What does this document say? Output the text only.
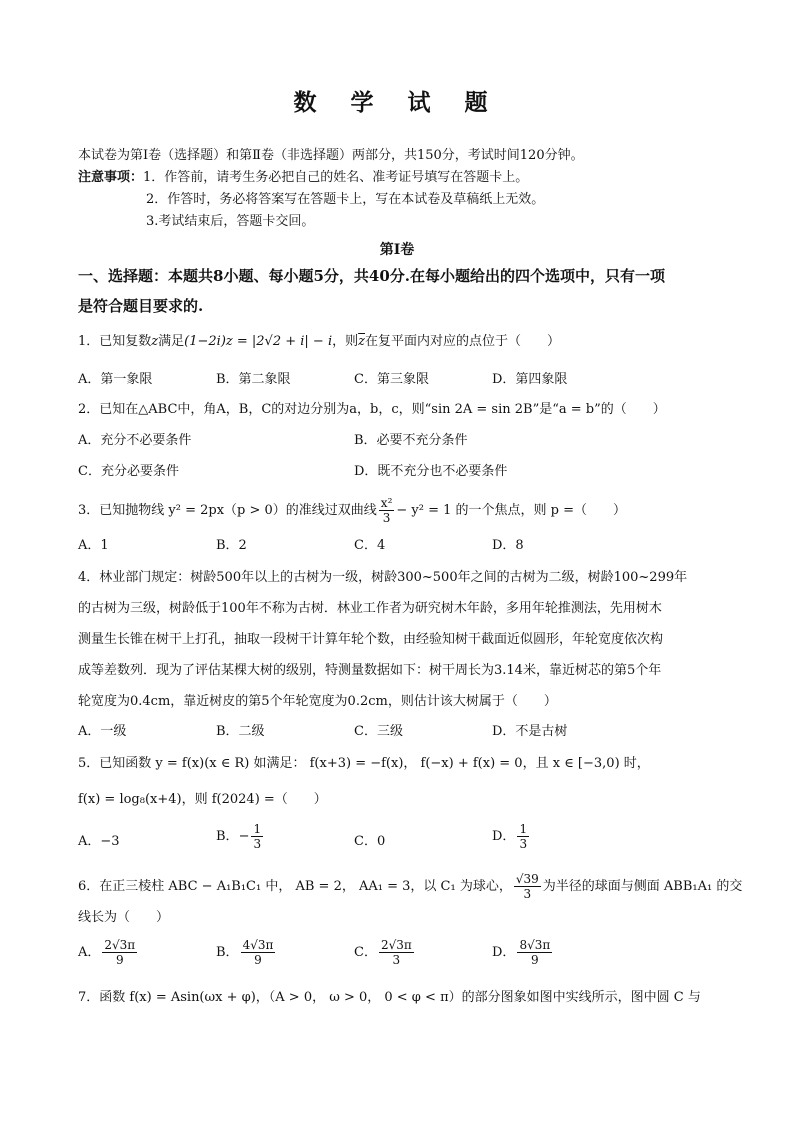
数 学 试 题
本试卷为第Ⅰ卷（选择题）和第Ⅱ卷（非选择题）两部分，共150分，考试时间120分钟。
注意事项：1．作答前，请考生务必把自己的姓名、准考证号填写在答题卡上。
2．作答时，务必将答案写在答题卡上，写在本试卷及草稿纸上无效。
3.考试结束后，答题卡交回。
第Ⅰ卷
一、选择题：本题共8小题、每小题5分，共40分.在每小题给出的四个选项中，只有一项
是符合题目要求的.
1．已知复数z满足(1−2i)z = |2√2 + i| − i，则$\overline{z}$在复平面内对应的点位于（　　）
A．第一象限	B．第二象限	C．第三象限	D．第四象限
2．已知在△ABC中，角A，B，C的对边分别为a，b，c，则“sin 2A = sin 2B”是“a = b”的（　　）
A．充分不必要条件	B．必要不充分条件
C．充分必要条件	D．既不充分也不必要条件
3．已知抛物线 y² = 2px（p > 0）的准线过双曲线 $\frac{\text{x²}}{3} - y^2 = 1$ 的一个焦点，则 p =（　　）
A．1	B．2	C．4	D．8
4．林业部门规定：树龄500年以上的古树为一级，树龄300~500年之间的古树为二级，树龄100~299年
的古树为三级，树龄低于100年不称为古树．林业工作者为研究树木年龄，多用年轮推测法，先用树木
测量生长锥在树干上打孔，抽取一段树干计算年轮个数，由经验知树干截面近似圆形，年轮宽度依次构
成等差数列．现为了评估某棵大树的级别，特测量数据如下：树干周长为3.14米，靠近树芯的第5个年
轮宽度为0.4cm，靠近树皮的第5个年轮宽度为0.2cm，则估计该大树属于（　　）
A．一级	B．二级	C．三级	D．不是古树
5．已知函数 y = f(x)(x ∈ R) 如满足： f(x+3) = −f(x)， f(−x) + f(x) = 0，且 x ∈ [−3,0) 时，
f(x) = log₈(x+4)，则 f(2024) =（　　）
A．−3	B．− $\frac{1}{3}$	C．0	D． $\frac{1}{3}$
6．在正三棱柱 ABC − A₁B₁C₁ 中， AB = 2， AA₁ = 3，以 C₁ 为球心， $\frac{√39}{3}$ 为半径的球面与侧面 ABB₁A₁ 的交
线长为（　　）
A． $\frac{2√3\pi}{9}$	B． $\frac{4√3\pi}{9}$	C． $\frac{2√3\pi}{3}$	D． $\frac{8√3\pi}{9}$
7．函数 f(x) = Asin(ωx + φ)，（A > 0， ω > 0， 0 < φ < π）的部分图象如图中实线所示，图中圆 C 与
